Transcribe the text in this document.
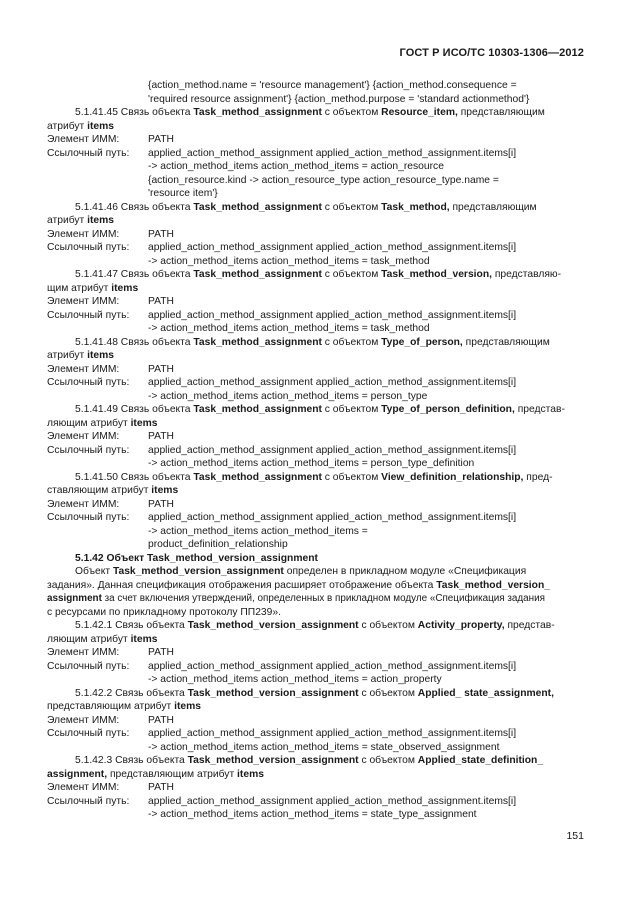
ГОСТ Р ИСО/ТС 10303-1306—2012
{action_method.name = 'resource management'} {action_method.consequence =
'required resource assignment'} {action_method.purpose = 'standard actionmethod'}
5.1.41.45 Связь объекта Task_method_assignment с объектом Resource_item, представляющим
атрибут items
Элемент ИММ:	PATH
Ссылочный путь:	applied_action_method_assignment applied_action_method_assignment.items[i]
-> action_method_items action_method_items = action_resource
{action_resource.kind -> action_resource_type action_resource_type.name =
'resource item'}
5.1.41.46 Связь объекта Task_method_assignment с объектом Task_method, представляющим
атрибут items
Элемент ИММ:	PATH
Ссылочный путь:	applied_action_method_assignment applied_action_method_assignment.items[i]
-> action_method_items action_method_items = task_method
5.1.41.47 Связь объекта Task_method_assignment с объектом Task_method_version, представляю-
щим атрибут items
Элемент ИММ:	PATH
Ссылочный путь:	applied_action_method_assignment applied_action_method_assignment.items[i]
-> action_method_items action_method_items = task_method
5.1.41.48 Связь объекта Task_method_assignment с объектом Type_of_person, представляющим
атрибут items
Элемент ИММ:	PATH
Ссылочный путь:	applied_action_method_assignment applied_action_method_assignment.items[i]
-> action_method_items action_method_items = person_type
5.1.41.49 Связь объекта Task_method_assignment с объектом Type_of_person_definition, представ-
ляющим атрибут items
Элемент ИММ:	PATH
Ссылочный путь:	applied_action_method_assignment applied_action_method_assignment.items[i]
-> action_method_items action_method_items = person_type_definition
5.1.41.50 Связь объекта Task_method_assignment с объектом View_definition_relationship, пред-
ставляющим атрибут items
Элемент ИММ:	PATH
Ссылочный путь:	applied_action_method_assignment applied_action_method_assignment.items[i]
-> action_method_items action_method_items =
product_definition_relationship
5.1.42 Объект Task_method_version_assignment
Объект Task_method_version_assignment определен в прикладном модуле «Спецификация
задания». Данная спецификация отображения расширяет отображение объекта Task_method_version_
assignment за счет включения утверждений, определенных в прикладном модуле «Спецификация задания
с ресурсами по прикладному протоколу ПП239».
5.1.42.1 Связь объекта Task_method_version_assignment с объектом Activity_property, представ-
ляющим атрибут items
Элемент ИММ:	PATH
Ссылочный путь:	applied_action_method_assignment applied_action_method_assignment.items[i]
-> action_method_items action_method_items = action_property
5.1.42.2 Связь объекта Task_method_version_assignment с объектом Applied_ state_assignment,
представляющим атрибут items
Элемент ИММ:	PATH
Ссылочный путь:	applied_action_method_assignment applied_action_method_assignment.items[i]
-> action_method_items action_method_items = state_observed_assignment
5.1.42.3 Связь объекта Task_method_version_assignment с объектом Applied_state_definition_
assignment, представляющим атрибут items
Элемент ИММ:	PATH
Ссылочный путь:	applied_action_method_assignment applied_action_method_assignment.items[i]
-> action_method_items action_method_items = state_type_assignment
151
